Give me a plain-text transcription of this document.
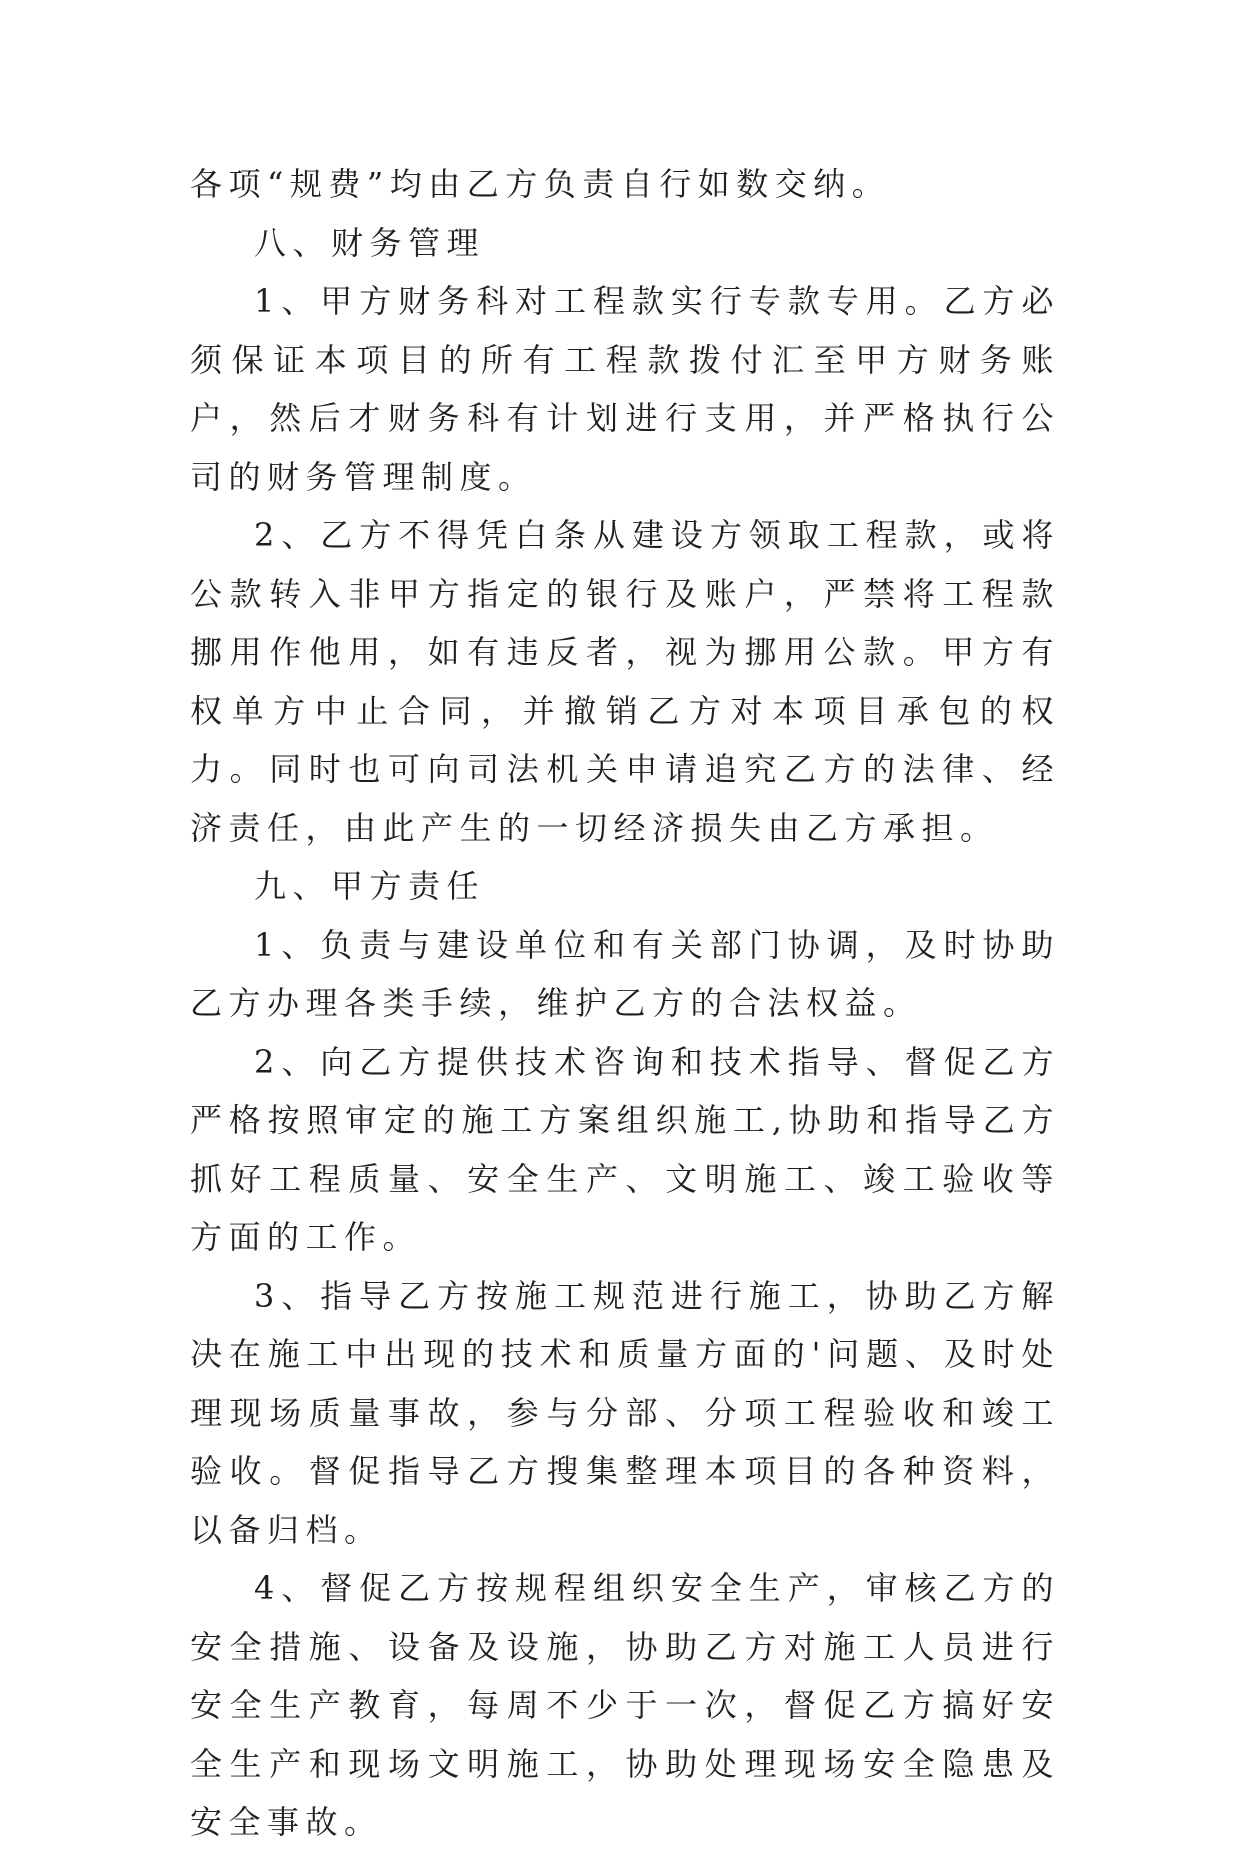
各项“规费”均由乙方负责自行如数交纳。

八、财务管理

1、甲方财务科对工程款实行专款专用。乙方必须保证本项目的所有工程款拨付汇至甲方财务账户，然后才财务科有计划进行支用，并严格执行公司的财务管理制度。

2、乙方不得凭白条从建设方领取工程款，或将公款转入非甲方指定的银行及账户，严禁将工程款挪用作他用，如有违反者，视为挪用公款。甲方有权单方中止合同，并撤销乙方对本项目承包的权力。同时也可向司法机关申请追究乙方的法律、经济责任，由此产生的一切经济损失由乙方承担。

九、甲方责任

1、负责与建设单位和有关部门协调，及时协助乙方办理各类手续，维护乙方的合法权益。

2、向乙方提供技术咨询和技术指导、督促乙方严格按照审定的施工方案组织施工,协助和指导乙方抓好工程质量、安全生产、文明施工、竣工验收等方面的工作。

3、指导乙方按施工规范进行施工，协助乙方解决在施工中出现的技术和质量方面的'问题、及时处理现场质量事故，参与分部、分项工程验收和竣工验收。督促指导乙方搜集整理本项目的各种资料，以备归档。

4、督促乙方按规程组织安全生产，审核乙方的安全措施、设备及设施，协助乙方对施工人员进行安全生产教育，每周不少于一次，督促乙方搞好安全生产和现场文明施工，协助处理现场安全隐患及安全事故。
